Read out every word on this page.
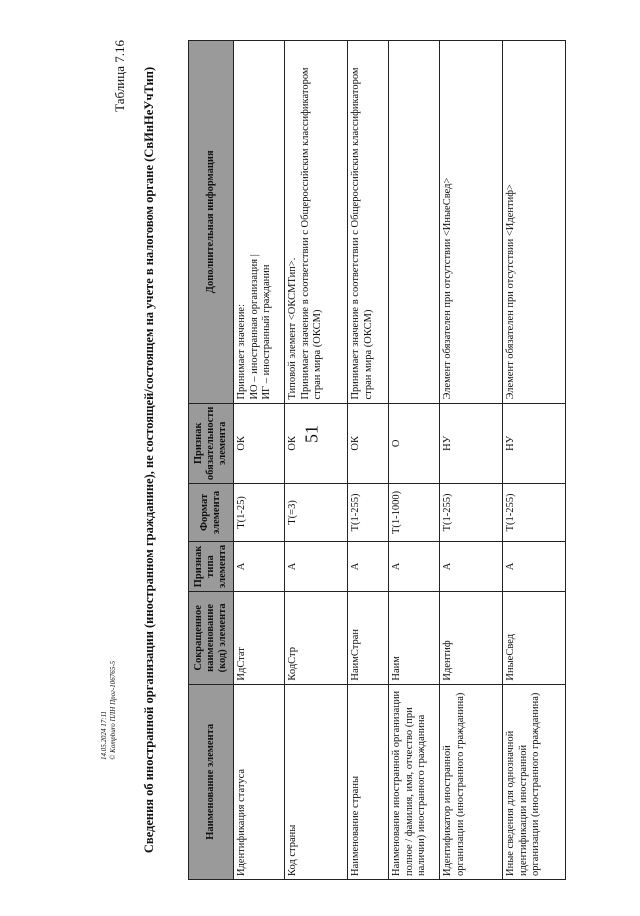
51
14.05.2024 17:11 © Kompburo ПЛН Прог-106765-5
Таблица 7.16 Сведения об иностранной организации (иностранном гражданине), не состоящей/состоящем на учете в налоговом органе (СвИнНеУчТип)	Наименование элемента	Сокращенное наименование (код) элемента	Признак типа элемента	Формат элемента	Признак обязательности элемента	Дополнительная информация
Идентификация статуса	ИдСтат	А	Т(1-25)	ОК	Принимает значение: ИО – иностранная организация | ИГ – иностранный гражданин

Код страны	КодСтр	А	Т(=3)	ОК	Типовой элемент <ОКСМТип>. Принимает значение в соответствии с Общероссийским классификатором стран мира (ОКСМ)

Наименование страны	НаимСтран	А	Т(1-255)	ОК	Принимает значение в соответствии с Общероссийским классификатором стран мира (ОКСМ)

Наименование иностранной организации полное / фамилия, имя, отчество (при наличии) иностранного гражданина	Наим	А	Т(1-1000)	О	
Идентификатор иностранной организации (иностранного гражданина)	Идентиф	А	Т(1-255)	НУ	Элемент обязателен при отсутствии <ИныеСвед>

Иные сведения для однозначной идентификации иностранной организации (иностранного гражданина)	ИныеСвед	А	Т(1-255)	НУ	Элемент обязателен при отсутствии <Идентиф>
